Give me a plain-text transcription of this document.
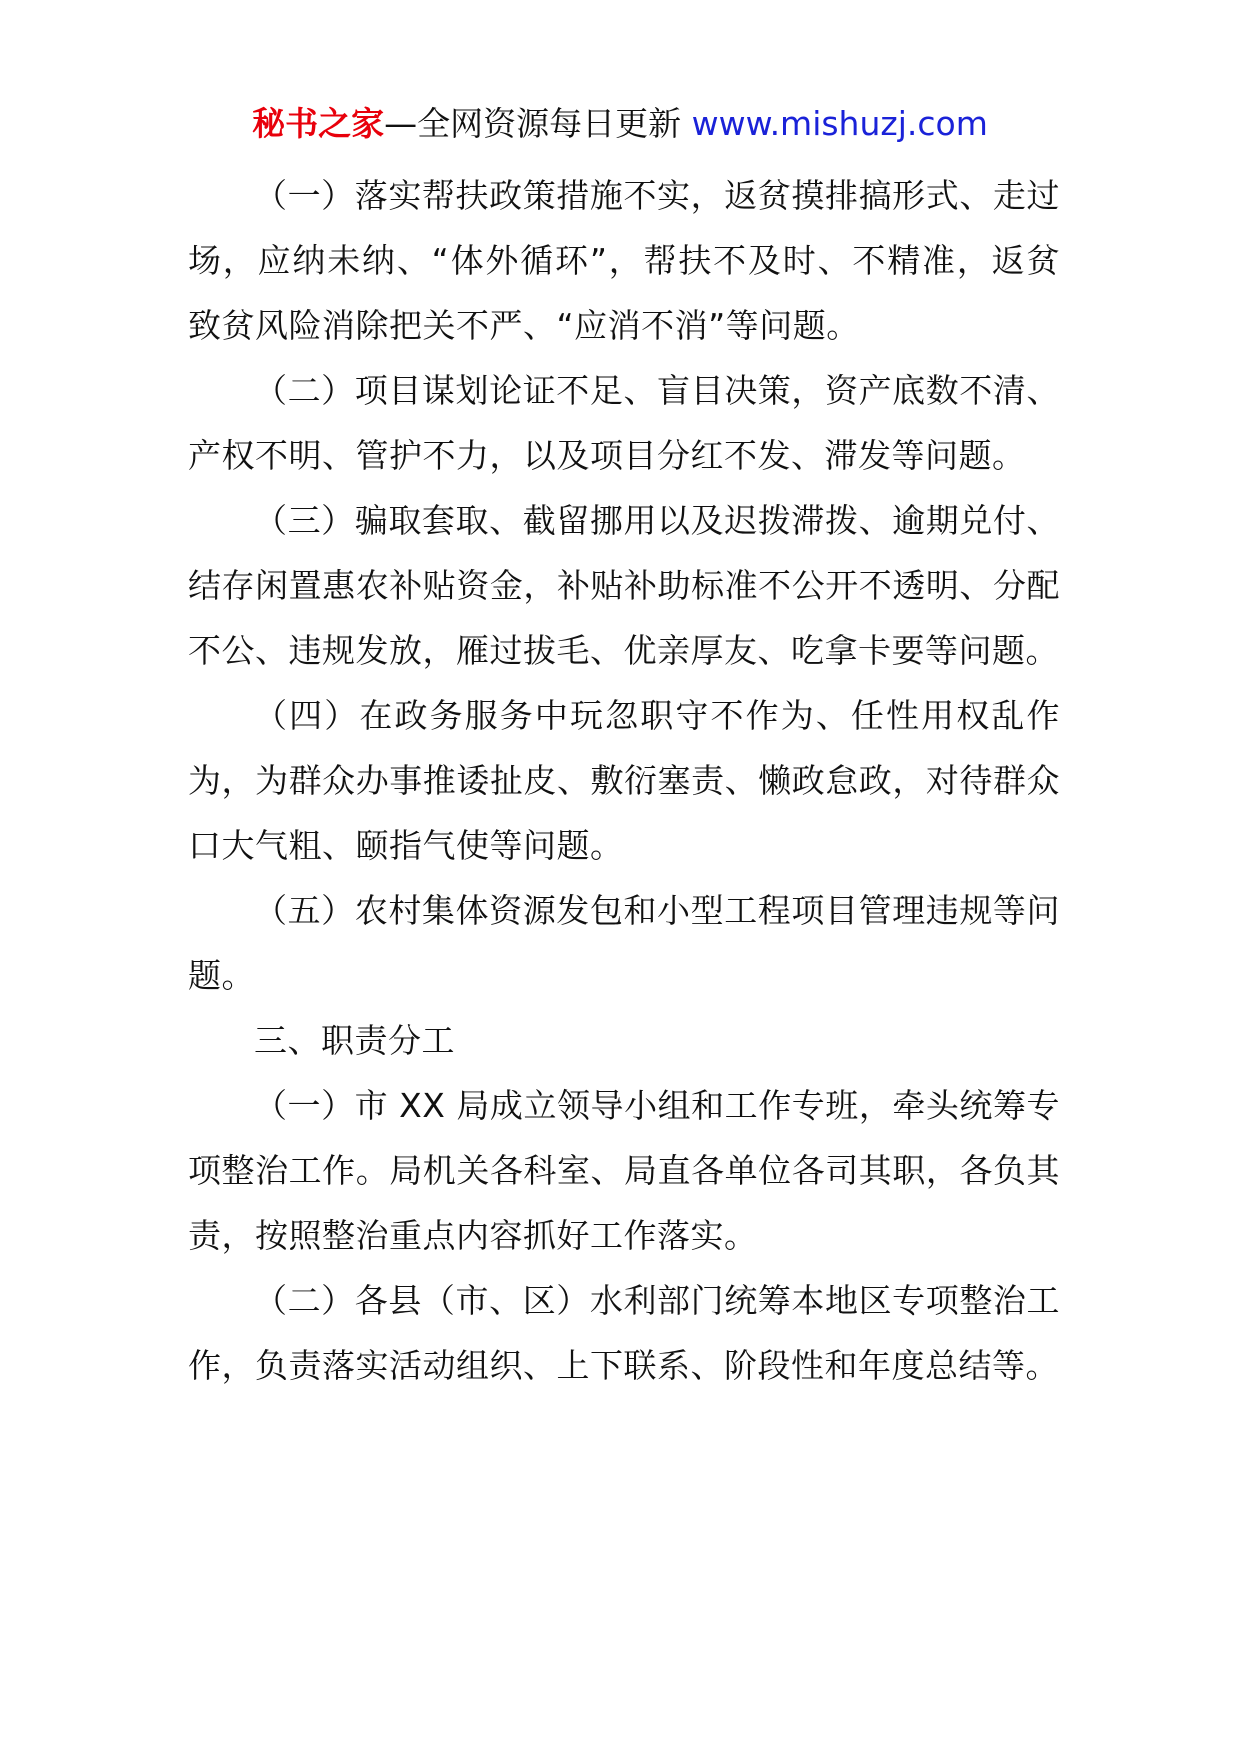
秘书之家—全网资源每日更新 www.mishuzj.com

（一）落实帮扶政策措施不实，返贫摸排搞形式、走过场，应纳未纳、“体外循环”，帮扶不及时、不精准，返贫致贫风险消除把关不严、“应消不消”等问题。

（二）项目谋划论证不足、盲目决策，资产底数不清、产权不明、管护不力，以及项目分红不发、滞发等问题。

（三）骗取套取、截留挪用以及迟拨滞拨、逾期兑付、结存闲置惠农补贴资金，补贴补助标准不公开不透明、分配不公、违规发放，雁过拔毛、优亲厚友、吃拿卡要等问题。

（四）在政务服务中玩忽职守不作为、任性用权乱作为，为群众办事推诿扯皮、敷衍塞责、懒政怠政，对待群众口大气粗、颐指气使等问题。

（五）农村集体资源发包和小型工程项目管理违规等问题。

三、职责分工

（一）市 XX 局成立领导小组和工作专班，牵头统筹专项整治工作。局机关各科室、局直各单位各司其职，各负其责，按照整治重点内容抓好工作落实。

（二）各县（市、区）水利部门统筹本地区专项整治工作，负责落实活动组织、上下联系、阶段性和年度总结等。
